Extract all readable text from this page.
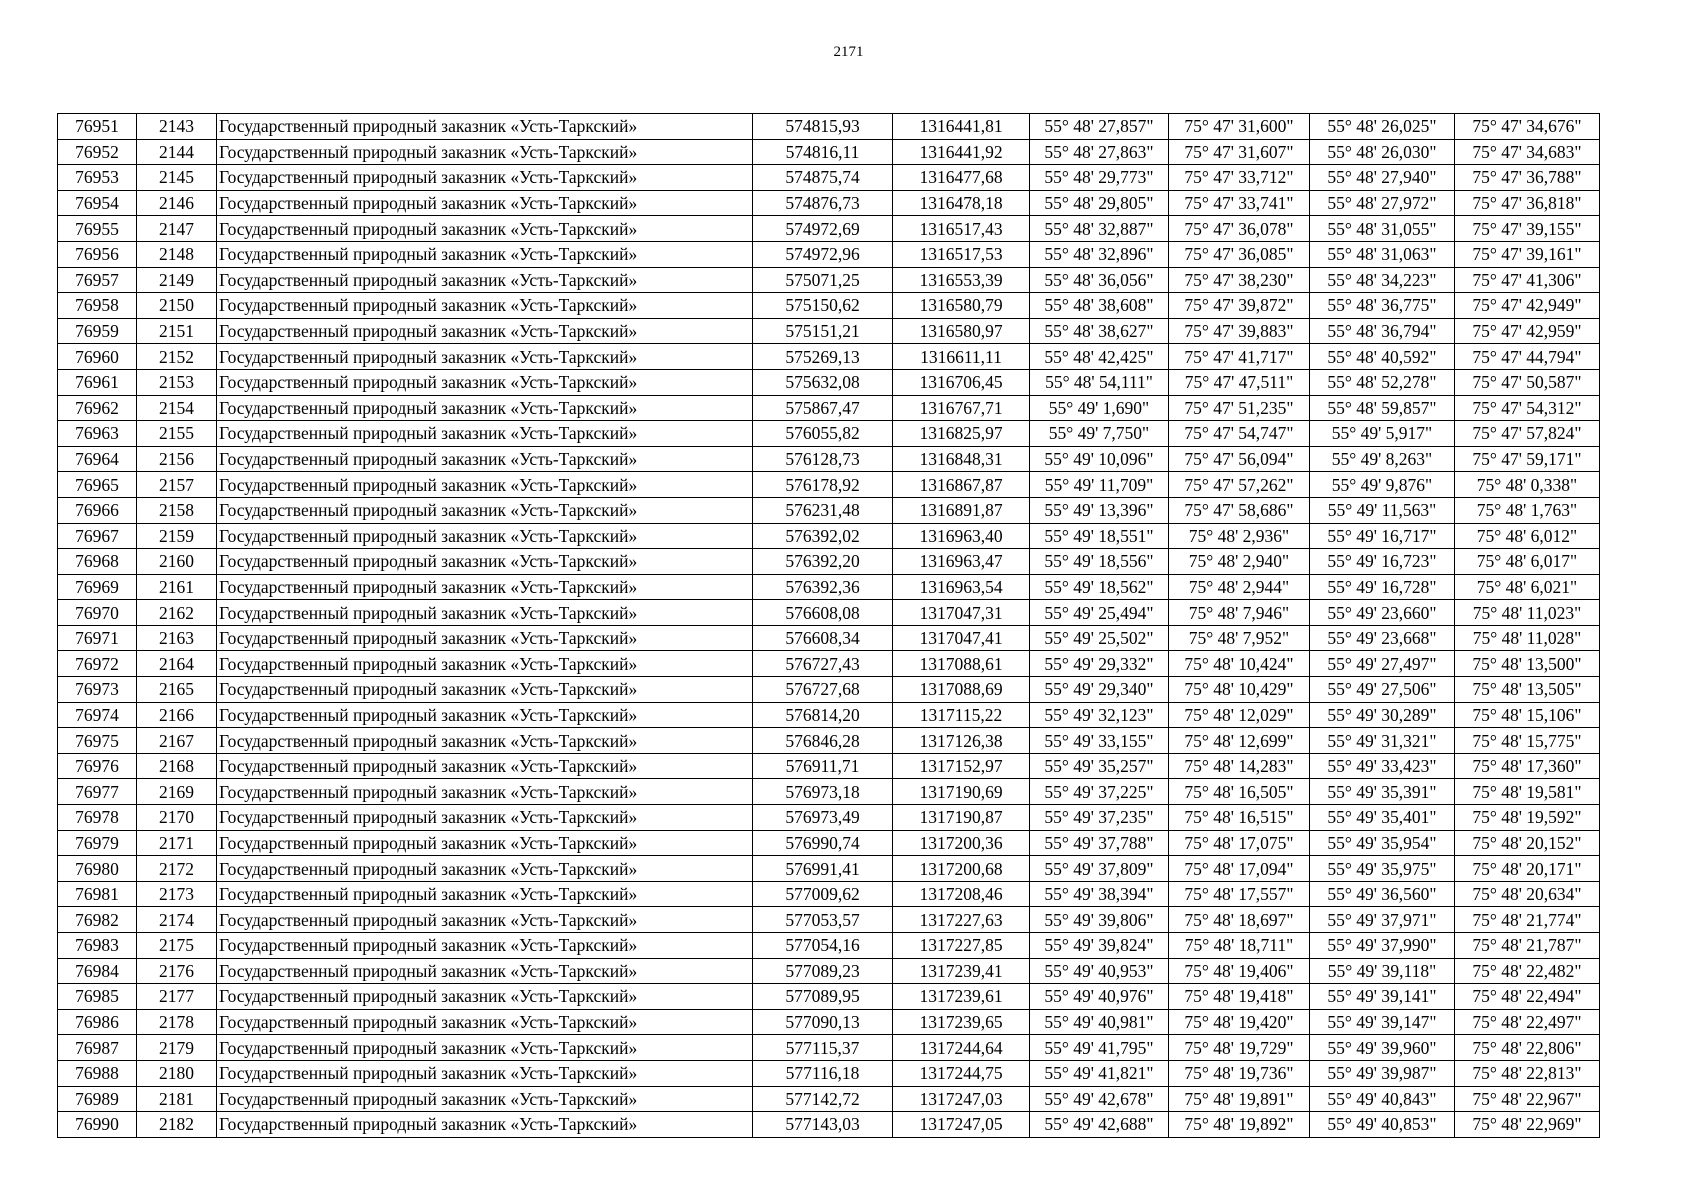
2171
76951	2143	Государственный природный заказник «Усть-Таркский»	574815,93	1316441,81	55° 48' 27,857"	75° 47' 31,600"	55° 48' 26,025"	75° 47' 34,676"
76952	2144	Государственный природный заказник «Усть-Таркский»	574816,11	1316441,92	55° 48' 27,863"	75° 47' 31,607"	55° 48' 26,030"	75° 47' 34,683"
76953	2145	Государственный природный заказник «Усть-Таркский»	574875,74	1316477,68	55° 48' 29,773"	75° 47' 33,712"	55° 48' 27,940"	75° 47' 36,788"
76954	2146	Государственный природный заказник «Усть-Таркский»	574876,73	1316478,18	55° 48' 29,805"	75° 47' 33,741"	55° 48' 27,972"	75° 47' 36,818"
76955	2147	Государственный природный заказник «Усть-Таркский»	574972,69	1316517,43	55° 48' 32,887"	75° 47' 36,078"	55° 48' 31,055"	75° 47' 39,155"
76956	2148	Государственный природный заказник «Усть-Таркский»	574972,96	1316517,53	55° 48' 32,896"	75° 47' 36,085"	55° 48' 31,063"	75° 47' 39,161"
76957	2149	Государственный природный заказник «Усть-Таркский»	575071,25	1316553,39	55° 48' 36,056"	75° 47' 38,230"	55° 48' 34,223"	75° 47' 41,306"
76958	2150	Государственный природный заказник «Усть-Таркский»	575150,62	1316580,79	55° 48' 38,608"	75° 47' 39,872"	55° 48' 36,775"	75° 47' 42,949"
76959	2151	Государственный природный заказник «Усть-Таркский»	575151,21	1316580,97	55° 48' 38,627"	75° 47' 39,883"	55° 48' 36,794"	75° 47' 42,959"
76960	2152	Государственный природный заказник «Усть-Таркский»	575269,13	1316611,11	55° 48' 42,425"	75° 47' 41,717"	55° 48' 40,592"	75° 47' 44,794"
76961	2153	Государственный природный заказник «Усть-Таркский»	575632,08	1316706,45	55° 48' 54,111"	75° 47' 47,511"	55° 48' 52,278"	75° 47' 50,587"
76962	2154	Государственный природный заказник «Усть-Таркский»	575867,47	1316767,71	55° 49' 1,690"	75° 47' 51,235"	55° 48' 59,857"	75° 47' 54,312"
76963	2155	Государственный природный заказник «Усть-Таркский»	576055,82	1316825,97	55° 49' 7,750"	75° 47' 54,747"	55° 49' 5,917"	75° 47' 57,824"
76964	2156	Государственный природный заказник «Усть-Таркский»	576128,73	1316848,31	55° 49' 10,096"	75° 47' 56,094"	55° 49' 8,263"	75° 47' 59,171"
76965	2157	Государственный природный заказник «Усть-Таркский»	576178,92	1316867,87	55° 49' 11,709"	75° 47' 57,262"	55° 49' 9,876"	75° 48' 0,338"
76966	2158	Государственный природный заказник «Усть-Таркский»	576231,48	1316891,87	55° 49' 13,396"	75° 47' 58,686"	55° 49' 11,563"	75° 48' 1,763"
76967	2159	Государственный природный заказник «Усть-Таркский»	576392,02	1316963,40	55° 49' 18,551"	75° 48' 2,936"	55° 49' 16,717"	75° 48' 6,012"
76968	2160	Государственный природный заказник «Усть-Таркский»	576392,20	1316963,47	55° 49' 18,556"	75° 48' 2,940"	55° 49' 16,723"	75° 48' 6,017"
76969	2161	Государственный природный заказник «Усть-Таркский»	576392,36	1316963,54	55° 49' 18,562"	75° 48' 2,944"	55° 49' 16,728"	75° 48' 6,021"
76970	2162	Государственный природный заказник «Усть-Таркский»	576608,08	1317047,31	55° 49' 25,494"	75° 48' 7,946"	55° 49' 23,660"	75° 48' 11,023"
76971	2163	Государственный природный заказник «Усть-Таркский»	576608,34	1317047,41	55° 49' 25,502"	75° 48' 7,952"	55° 49' 23,668"	75° 48' 11,028"
76972	2164	Государственный природный заказник «Усть-Таркский»	576727,43	1317088,61	55° 49' 29,332"	75° 48' 10,424"	55° 49' 27,497"	75° 48' 13,500"
76973	2165	Государственный природный заказник «Усть-Таркский»	576727,68	1317088,69	55° 49' 29,340"	75° 48' 10,429"	55° 49' 27,506"	75° 48' 13,505"
76974	2166	Государственный природный заказник «Усть-Таркский»	576814,20	1317115,22	55° 49' 32,123"	75° 48' 12,029"	55° 49' 30,289"	75° 48' 15,106"
76975	2167	Государственный природный заказник «Усть-Таркский»	576846,28	1317126,38	55° 49' 33,155"	75° 48' 12,699"	55° 49' 31,321"	75° 48' 15,775"
76976	2168	Государственный природный заказник «Усть-Таркский»	576911,71	1317152,97	55° 49' 35,257"	75° 48' 14,283"	55° 49' 33,423"	75° 48' 17,360"
76977	2169	Государственный природный заказник «Усть-Таркский»	576973,18	1317190,69	55° 49' 37,225"	75° 48' 16,505"	55° 49' 35,391"	75° 48' 19,581"
76978	2170	Государственный природный заказник «Усть-Таркский»	576973,49	1317190,87	55° 49' 37,235"	75° 48' 16,515"	55° 49' 35,401"	75° 48' 19,592"
76979	2171	Государственный природный заказник «Усть-Таркский»	576990,74	1317200,36	55° 49' 37,788"	75° 48' 17,075"	55° 49' 35,954"	75° 48' 20,152"
76980	2172	Государственный природный заказник «Усть-Таркский»	576991,41	1317200,68	55° 49' 37,809"	75° 48' 17,094"	55° 49' 35,975"	75° 48' 20,171"
76981	2173	Государственный природный заказник «Усть-Таркский»	577009,62	1317208,46	55° 49' 38,394"	75° 48' 17,557"	55° 49' 36,560"	75° 48' 20,634"
76982	2174	Государственный природный заказник «Усть-Таркский»	577053,57	1317227,63	55° 49' 39,806"	75° 48' 18,697"	55° 49' 37,971"	75° 48' 21,774"
76983	2175	Государственный природный заказник «Усть-Таркский»	577054,16	1317227,85	55° 49' 39,824"	75° 48' 18,711"	55° 49' 37,990"	75° 48' 21,787"
76984	2176	Государственный природный заказник «Усть-Таркский»	577089,23	1317239,41	55° 49' 40,953"	75° 48' 19,406"	55° 49' 39,118"	75° 48' 22,482"
76985	2177	Государственный природный заказник «Усть-Таркский»	577089,95	1317239,61	55° 49' 40,976"	75° 48' 19,418"	55° 49' 39,141"	75° 48' 22,494"
76986	2178	Государственный природный заказник «Усть-Таркский»	577090,13	1317239,65	55° 49' 40,981"	75° 48' 19,420"	55° 49' 39,147"	75° 48' 22,497"
76987	2179	Государственный природный заказник «Усть-Таркский»	577115,37	1317244,64	55° 49' 41,795"	75° 48' 19,729"	55° 49' 39,960"	75° 48' 22,806"
76988	2180	Государственный природный заказник «Усть-Таркский»	577116,18	1317244,75	55° 49' 41,821"	75° 48' 19,736"	55° 49' 39,987"	75° 48' 22,813"
76989	2181	Государственный природный заказник «Усть-Таркский»	577142,72	1317247,03	55° 49' 42,678"	75° 48' 19,891"	55° 49' 40,843"	75° 48' 22,967"
76990	2182	Государственный природный заказник «Усть-Таркский»	577143,03	1317247,05	55° 49' 42,688"	75° 48' 19,892"	55° 49' 40,853"	75° 48' 22,969"
